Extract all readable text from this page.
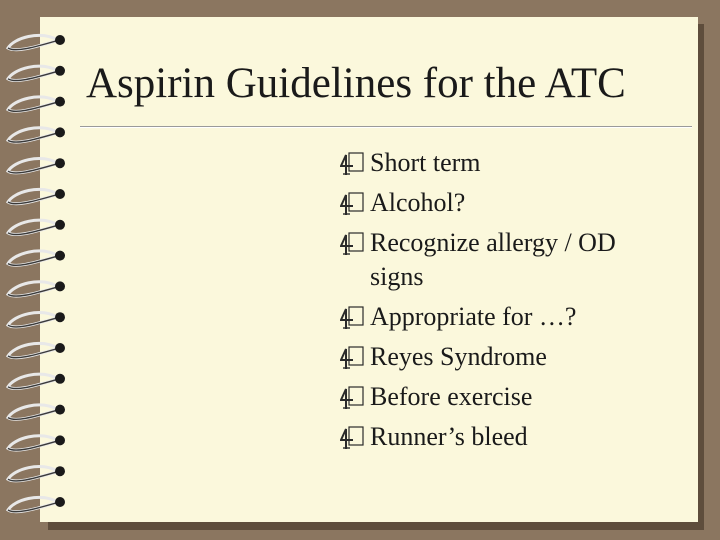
Aspirin Guidelines for the ATC
Short term
Alcohol?
Recognize allergy / OD signs
Appropriate for …?
Reyes Syndrome
Before exercise
Runner’s bleed
